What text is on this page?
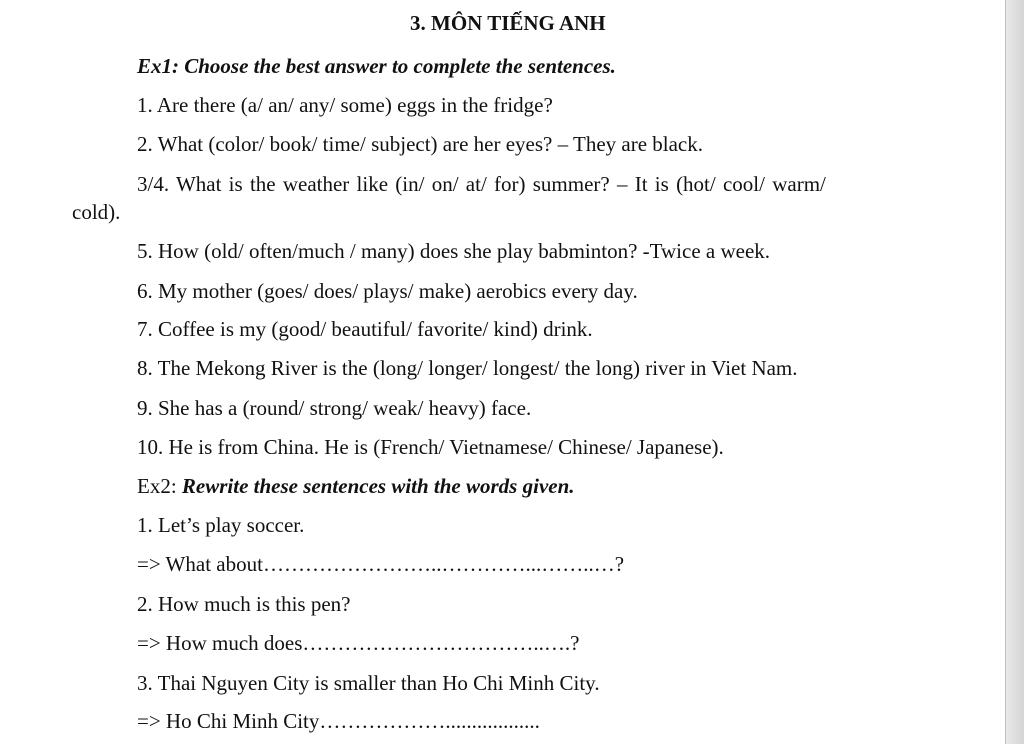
3. MÔN TIẾNG ANH
Ex1: Choose the best answer to complete the sentences.
1. Are there (a/ an/ any/ some) eggs in the fridge?
2. What (color/ book/ time/ subject) are her eyes? – They are black.
3/4. What is the weather like (in/ on/ at/ for) summer? – It is (hot/ cool/ warm/
cold).
5. How (old/ often/much / many) does she play babminton? -Twice a week.
6. My mother (goes/ does/ plays/ make) aerobics every day.
7. Coffee is my (good/ beautiful/ favorite/ kind) drink.
8. The Mekong River is the (long/ longer/ longest/ the long) river in Viet Nam.
9. She has a (round/ strong/ weak/ heavy) face.
10. He is from China. He is (French/ Vietnamese/ Chinese/ Japanese).
Ex2: Rewrite these sentences with the words given.
1. Let’s play soccer.
=> What about……………………..…………...……..…?
2. How much is this pen?
=> How much does……………………………..….?
3. Thai Nguyen City is smaller than Ho Chi Minh City.
=> Ho Chi Minh City………………..................
